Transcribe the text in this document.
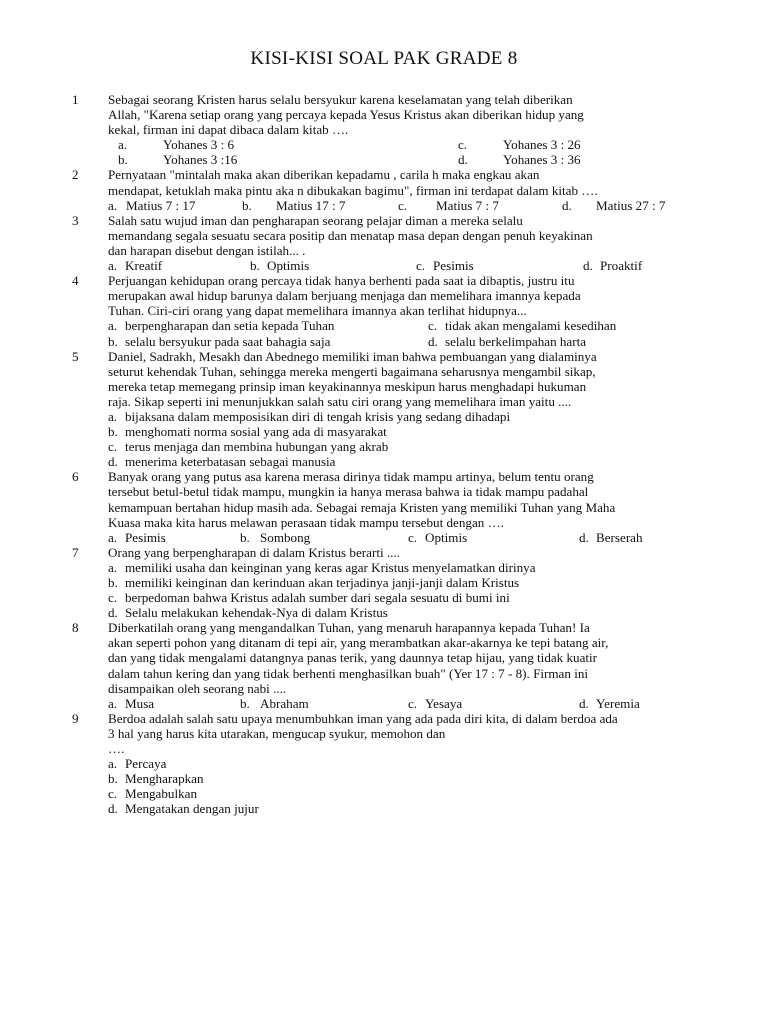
KISI-KISI SOAL PAK GRADE 8
1	Sebagai seorang Kristen harus selalu bersyukur karena keselamatan yang telah diberikan
Allah, "Karena setiap orang yang percaya kepada Yesus Kristus akan diberikan hidup yang
kekal, firman ini dapat dibaca dalam kitab ….
a.	Yohanes 3 : 6	c.	Yohanes 3 : 26
b.	Yohanes 3 :16	d.	Yohanes 3 : 36
2	Pernyataan "mintalah maka akan diberikan kepadamu , carila h maka engkau akan
mendapat, ketuklah maka pintu aka n dibukakan bagimu", firman ini terdapat dalam kitab ….
a. Matius 7 : 17	b.	Matius 17 : 7	c.	Matius 7 : 7	d.	Matius 27 : 7
3	Salah satu wujud iman dan pengharapan seorang pelajar diman a mereka selalu
memandang segala sesuatu secara positip dan menatap masa depan dengan penuh keyakinan
dan harapan disebut dengan istilah... .
a. Kreatif	b. Optimis	c. Pesimis	d. Proaktif
4	Perjuangan kehidupan orang percaya tidak hanya berhenti pada saat ia dibaptis, justru itu
merupakan awal hidup barunya dalam berjuang menjaga dan memelihara imannya kepada
Tuhan. Ciri-ciri orang yang dapat memelihara imannya akan terlihat hidupnya...
a. berpengharapan dan setia kepada Tuhan	c. tidak akan mengalami kesedihan
b. selalu bersyukur pada saat bahagia saja	d. selalu berkelimpahan harta
5	Daniel, Sadrakh, Mesakh dan Abednego memiliki iman bahwa pembuangan yang dialaminya
seturut kehendak Tuhan, sehingga mereka mengerti bagaimana seharusnya mengambil sikap,
mereka tetap memegang prinsip iman keyakinannya meskipun harus menghadapi hukuman
raja. Sikap seperti ini menunjukkan salah satu ciri orang yang memelihara iman yaitu ....
a. bijaksana dalam memposisikan diri di tengah krisis yang sedang dihadapi
b. menghomati norma sosial yang ada di masyarakat
c. terus menjaga dan membina hubungan yang akrab
d. menerima keterbatasan sebagai manusia
6	Banyak orang yang putus asa karena merasa dirinya tidak mampu artinya, belum tentu orang
tersebut betul-betul tidak mampu, mungkin ia hanya merasa bahwa ia tidak mampu padahal
kemampuan bertahan hidup masih ada. Sebagai remaja Kristen yang memiliki Tuhan yang Maha
Kuasa maka kita harus melawan perasaan tidak mampu tersebut dengan ….
a. Pesimis	b. Sombong	c. Optimis	d. Berserah
7	Orang yang berpengharapan di dalam Kristus berarti ....
a. memiliki usaha dan keinginan yang keras agar Kristus menyelamatkan dirinya
b. memiliki keinginan dan kerinduan akan terjadinya janji-janji dalam Kristus
c. berpedoman bahwa Kristus adalah sumber dari segala sesuatu di bumi ini
d. Selalu melakukan kehendak-Nya di dalam Kristus
8	Diberkatilah orang yang mengandalkan Tuhan, yang menaruh harapannya kepada Tuhan! Ia
akan seperti pohon yang ditanam di tepi air, yang merambatkan akar-akarnya ke tepi batang air,
dan yang tidak mengalami datangnya panas terik, yang daunnya tetap hijau, yang tidak kuatir
dalam tahun kering dan yang tidak berhenti menghasilkan buah" (Yer 17 : 7 - 8). Firman ini
disampaikan oleh seorang nabi ....
a. Musa	b. Abraham	c. Yesaya	d. Yeremia
9	Berdoa adalah salah satu upaya menumbuhkan iman yang ada pada diri kita, di dalam berdoa ada
3 hal yang harus kita utarakan, mengucap syukur, memohon dan
….
a. Percaya
b. Mengharapkan
c. Mengabulkan
d. Mengatakan dengan jujur
